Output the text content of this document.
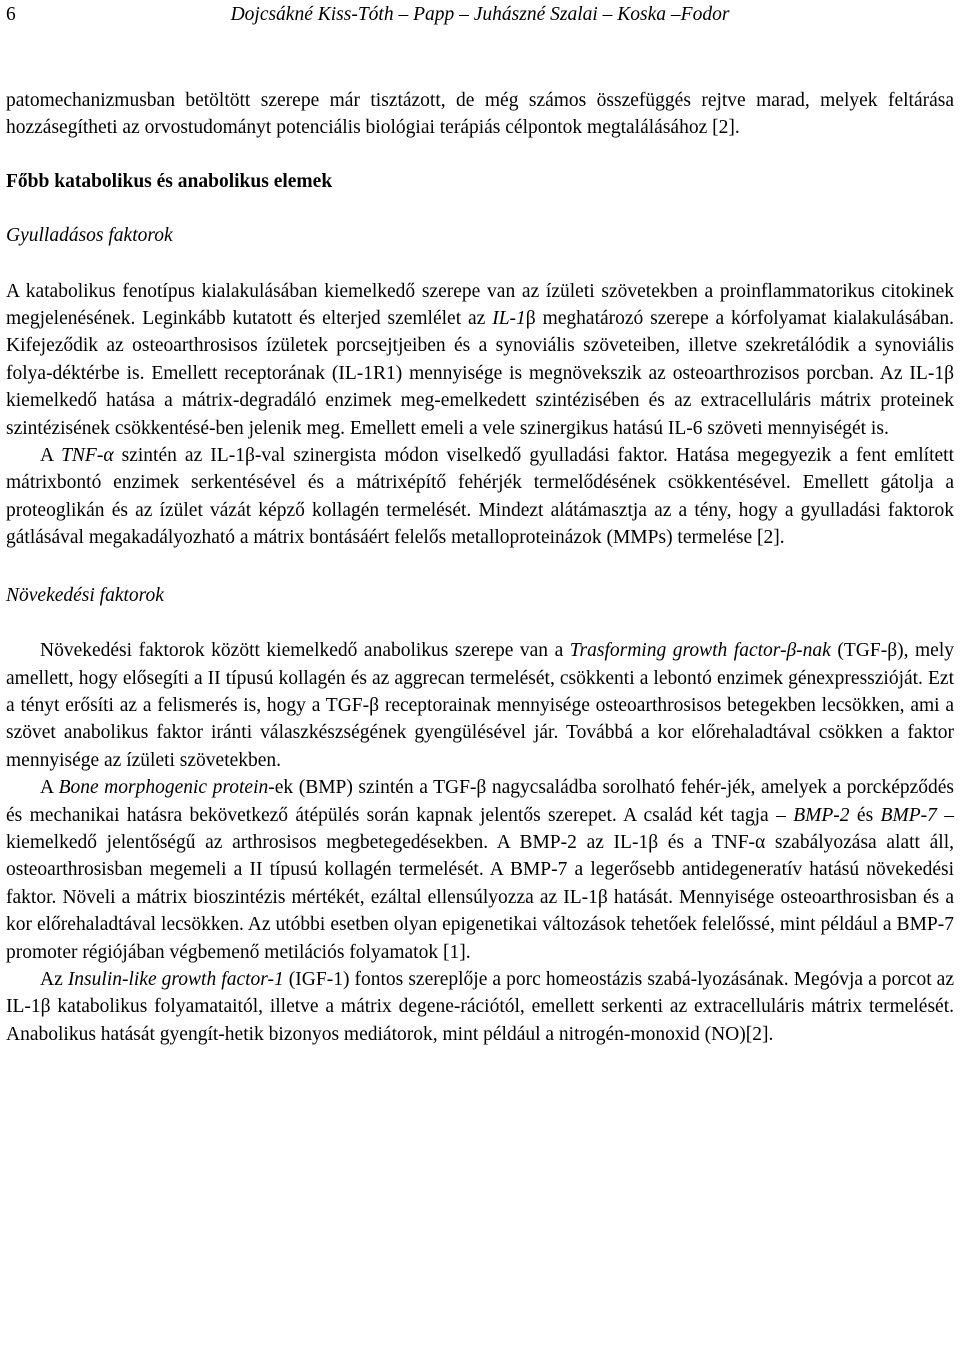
6	Dojcsákné Kiss-Tóth – Papp – Juhászné Szalai – Koska –Fodor

patomechanizmusban betöltött szerepe már tisztázott, de még számos összefüggés rejtve marad, melyek feltárása hozzásegítheti az orvostudományt potenciális biológiai terápiás célpontok megtalálásához [2].

Főbb katabolikus és anabolikus elemek

Gyulladásos faktorok

A katabolikus fenotípus kialakulásában kiemelkedő szerepe van az ízületi szövetekben a proinflammatorikus citokinek megjelenésének. Leginkább kutatott és elterjed szemlélet az IL-1β meghatározó szerepe a kórfolyamat kialakulásában. Kifejeződik az osteoarthrosisos ízületek porcsejtjeiben és a synoviális szöveteiben, illetve szekretálódik a synoviális folya-déktérbe is. Emellett receptorának (IL-1R1) mennyisége is megnövekszik az osteoarthrozisos porcban. Az IL-1β kiemelkedő hatása a mátrix-degradáló enzimek meg-emelkedett szintézisében és az extracelluláris mátrix proteinek szintézisének csökkentésé-ben jelenik meg. Emellett emeli a vele szinergikus hatású IL-6 szöveti mennyiségét is.

A TNF-α szintén az IL-1β-val szinergista módon viselkedő gyulladási faktor. Hatása megegyezik a fent említett mátrixbontó enzimek serkentésével és a mátrixépítő fehérjék termelődésének csökkentésével. Emellett gátolja a proteoglikán és az ízület vázát képző kollagén termelését. Mindezt alátámasztja az a tény, hogy a gyulladási faktorok gátlásával megakadályozható a mátrix bontásáért felelős metalloproteinázok (MMPs) termelése [2].

Növekedési faktorok

Növekedési faktorok között kiemelkedő anabolikus szerepe van a Trasforming growth factor-β-nak (TGF-β), mely amellett, hogy elősegíti a II típusú kollagén és az aggrecan termelését, csökkenti a lebontó enzimek génexpresszióját. Ezt a tényt erősíti az a felismerés is, hogy a TGF-β receptorainak mennyisége osteoarthrosisos betegekben lecsökken, ami a szövet anabolikus faktor iránti válaszkészségének gyengülésével jár. Továbbá a kor előrehaladtával csökken a faktor mennyisége az ízületi szövetekben.

A Bone morphogenic protein-ek (BMP) szintén a TGF-β nagycsaládba sorolható fehér-jék, amelyek a porcképződés és mechanikai hatásra bekövetkező átépülés során kapnak jelentős szerepet. A család két tagja – BMP-2 és BMP-7 – kiemelkedő jelentőségű az arthrosisos megbetegedésekben. A BMP-2 az IL-1β és a TNF-α szabályozása alatt áll, osteoarthrosisban megemeli a II típusú kollagén termelését. A BMP-7 a legerősebb antidegeneratív hatású növekedési faktor. Növeli a mátrix bioszintézis mértékét, ezáltal ellensúlyozza az IL-1β hatását. Mennyisége osteoarthrosisban és a kor előrehaladtával lecsökken. Az utóbbi esetben olyan epigenetikai változások tehetőek felelőssé, mint például a BMP-7 promoter régiójában végbemenő metilációs folyamatok [1].

Az Insulin-like growth factor-1 (IGF-1) fontos szereplője a porc homeostázis szabá-lyozásának. Megóvja a porcot az IL-1β katabolikus folyamataitól, illetve a mátrix degene-rációtól, emellett serkenti az extracelluláris mátrix termelését. Anabolikus hatását gyengít-hetik bizonyos mediátorok, mint például a nitrogén-monoxid (NO)[2].
